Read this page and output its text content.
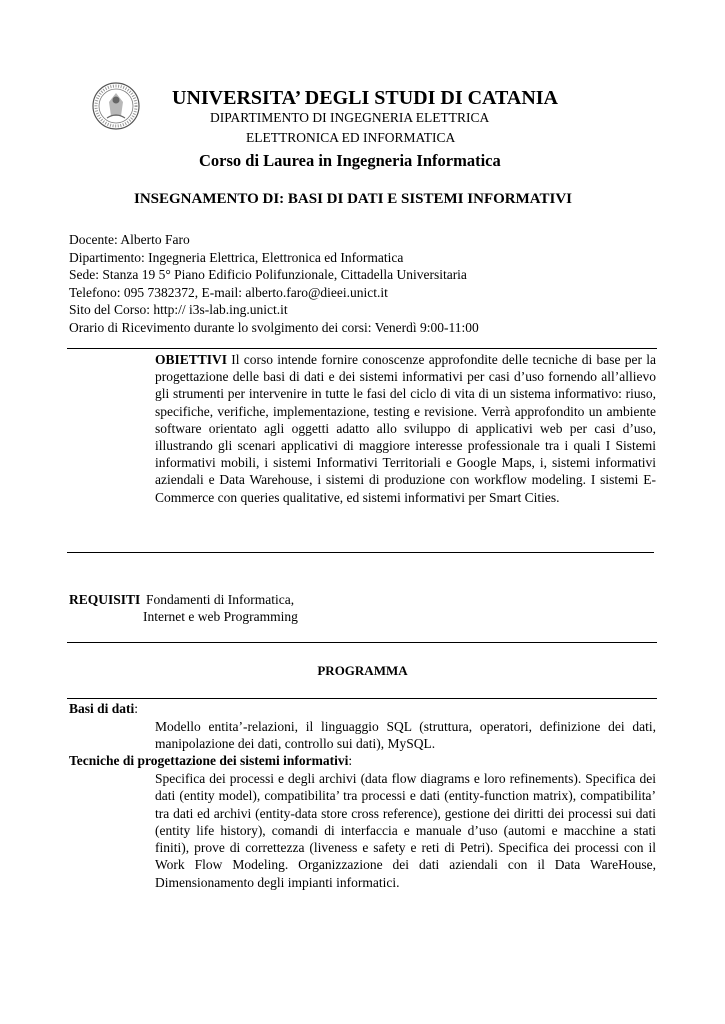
UNIVERSITA’ DEGLI STUDI DI CATANIA
DIPARTIMENTO DI INGEGNERIA ELETTRICA
ELETTRONICA ED INFORMATICA
Corso di Laurea in Ingegneria Informatica
INSEGNAMENTO DI: BASI DI DATI E SISTEMI INFORMATIVI
Docente: Alberto Faro
Dipartimento: Ingegneria Elettrica, Elettronica ed Informatica
Sede: Stanza 19 5° Piano Edificio Polifunzionale, Cittadella Universitaria
Telefono: 095 7382372, E-mail: alberto.faro@dieei.unict.it
Sito del Corso: http:// i3s-lab.ing.unict.it
Orario di Ricevimento durante lo svolgimento dei corsi: Venerdì 9:00-11:00
OBIETTIVI Il corso intende fornire conoscenze approfondite delle tecniche di base per la progettazione delle basi di dati e dei sistemi informativi per casi d’uso fornendo all’allievo gli strumenti per intervenire in tutte le fasi del ciclo di vita di un sistema informativo: riuso, specifiche, verifiche, implementazione, testing e revisione. Verrà approfondito un ambiente software orientato agli oggetti adatto allo sviluppo di applicativi web per casi d’uso, illustrando gli scenari applicativi di maggiore interesse professionale tra i quali I Sistemi informativi mobili, i sistemi Informativi Territoriali e Google Maps, i, sistemi informativi aziendali e Data Warehouse, i sistemi di produzione con workflow modeling. I sistemi E-Commerce con queries qualitative, ed sistemi informativi per Smart Cities.
REQUISITI Fondamenti di Informatica,
Internet e web Programming
PROGRAMMA
Basi di dati:
Modello entita’-relazioni, il linguaggio SQL (struttura, operatori, definizione dei dati, manipolazione dei dati, controllo sui dati), MySQL.
Tecniche di progettazione dei sistemi informativi:
Specifica dei processi e degli archivi (data flow diagrams e loro refinements). Specifica dei dati (entity model), compatibilita’ tra processi e dati (entity-function matrix), compatibilita’ tra dati ed archivi (entity-data store cross reference), gestione dei diritti dei processi sui dati (entity life history), comandi di interfaccia e manuale d’uso (automi e macchine a stati finiti), prove di correttezza (liveness e safety e reti di Petri). Specifica dei processi con il Work Flow Modeling. Organizzazione dei dati aziendali con il Data WareHouse, Dimensionamento degli impianti informatici.
